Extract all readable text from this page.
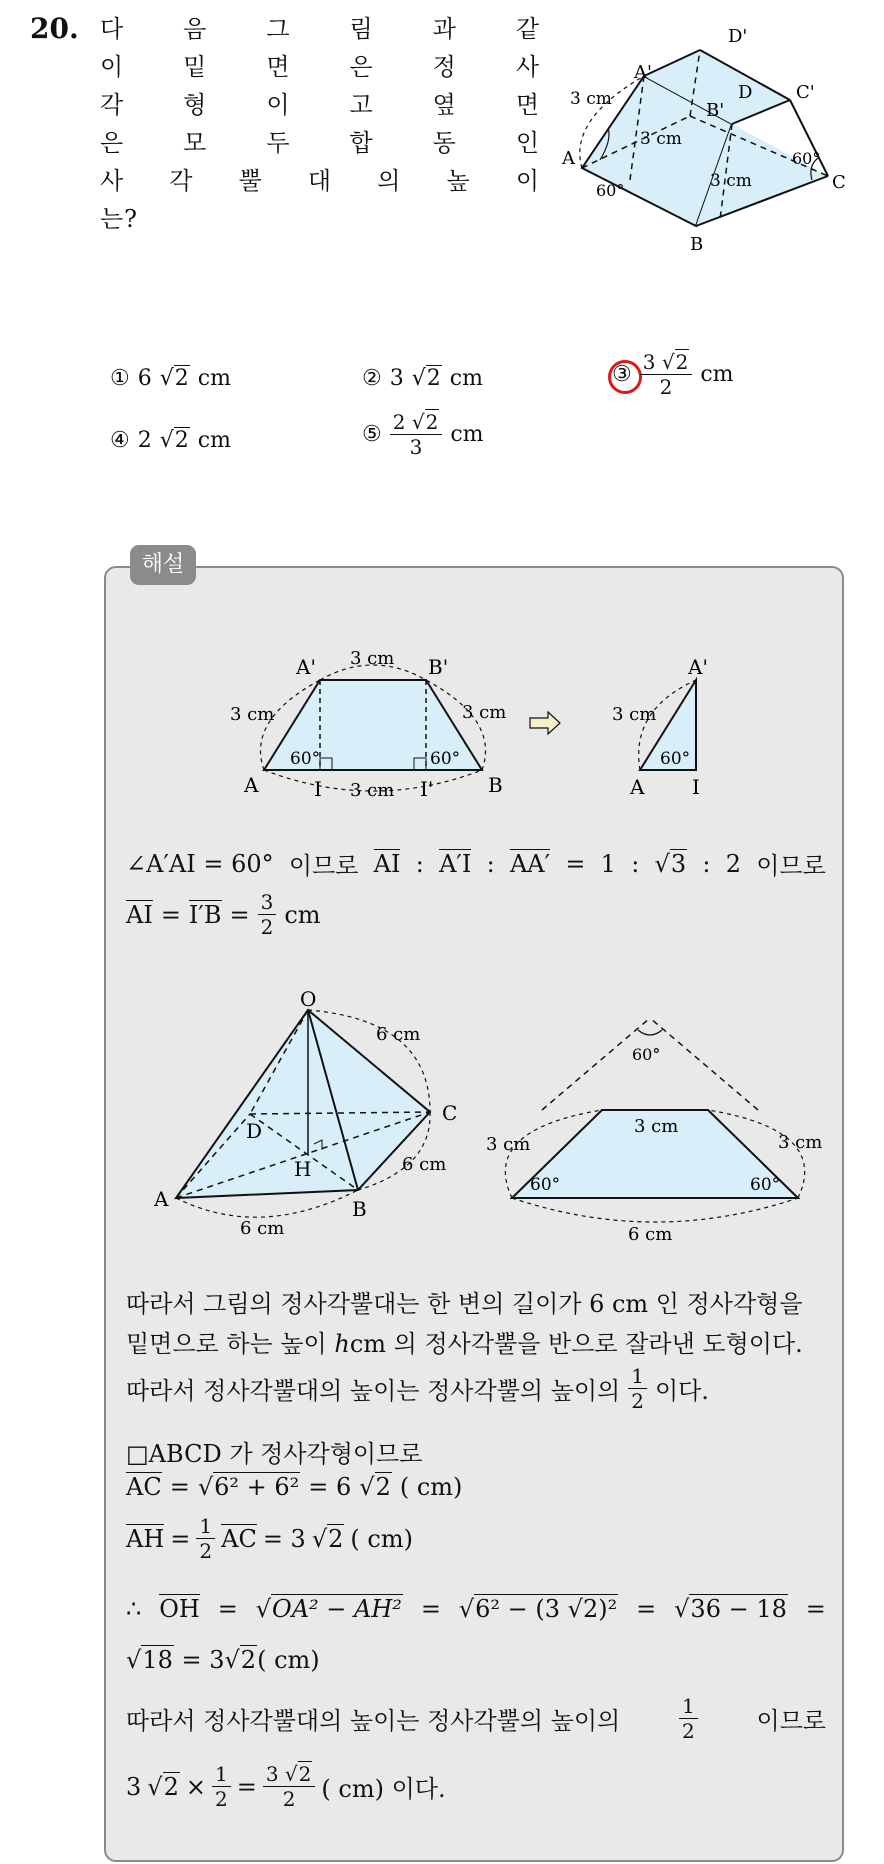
20. 다 음 그 림 과 같
이 밑 면 은 정 사
각 형 이 고 옆 면
은 모 두 합 동 인
사 각 뿔 대 의 높 이
는?
D'
A'
C'
D
B'
3 cm
3 cm
A
60°	3 cm	C
60°
B
① 6 √2 cm	② 3 √2 cm	③ $\frac{3 √2}{2}$ cm
④ 2 √2 cm	⑤ $\frac{2 √2}{3}$ cm
해설
A' 3 cm B'
3 cm	3 cm
60°	60°
A	I 3 cm I'	B
A'
3 cm
60°
A I
∠A′AI = 60° 이므로 AI : A′I : AA′ = 1 : √3 : 2 이므로
AI = $I'B = \frac{3}{2}$ cm
O
6 cm
C
D
H	6 cm
A	B
6 cm
60°
3 cm
3 cm	3 cm
60°	60°
6 cm
따라서 그림의 정사각뿔대는 한 변의 길이가 6 cm 인 정사각형을
밑면으로 하는 높이 hcm 의 정사각뿔을 반으로 잘라낸 도형이다.
따라서 정사각뿔대의 높이는 정사각뿔의 높이의 $\frac{1}{2}$ 이다.
□ABCD 가 정사각형이므로
AC = √6² + 6² = 6 √2 ( cm)
AH = $\frac{1}{2}$ AC = 3 √2 ( cm)
∴ OH = √OA² − AH² = √6² − (3 √2)² = √36 − 18 =
√18 = 3√2( cm)
따라서 정사각뿔대의 높이는 정사각뿔의 높이의	$\frac{1}{2}$ 이므로
3 $√2 \times \frac{1}{2} = \frac{3 √2}{2}$ ( cm) 이다.
